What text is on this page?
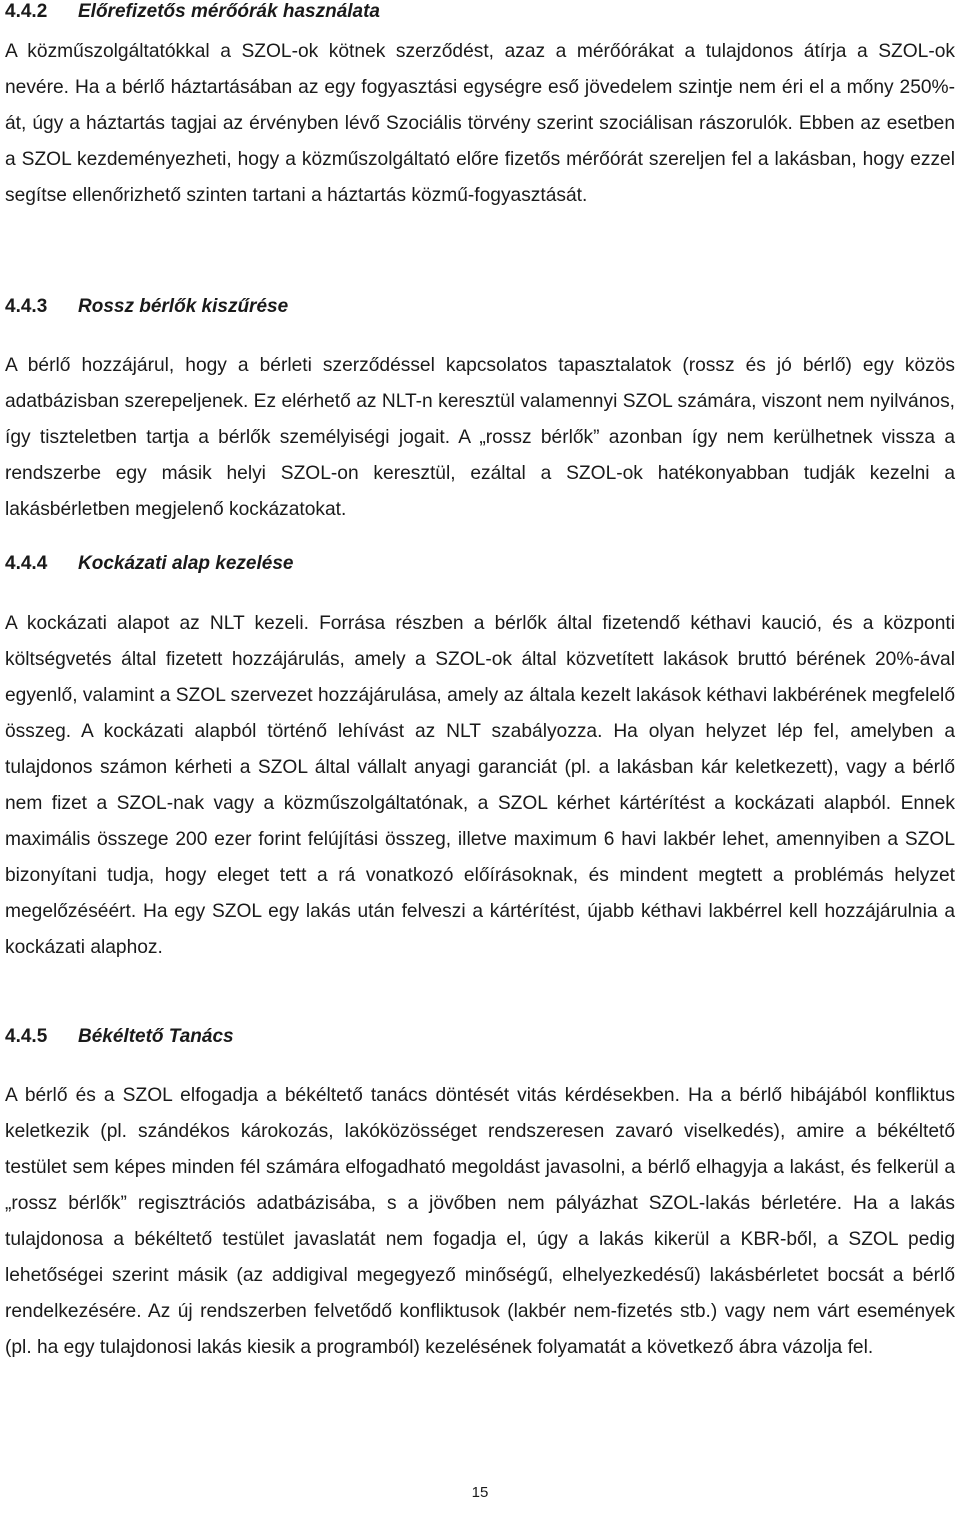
4.4.2 Előrefizetős mérőórák használata

A közműszolgáltatókkal a SZOL-ok kötnek szerződést, azaz a mérőórákat a tulajdonos átírja a SZOL-ok nevére. Ha a bérlő háztartásában az egy fogyasztási egységre eső jövedelem szintje nem éri el a mőny 250%-át, úgy a háztartás tagjai az érvényben lévő Szociális törvény szerint szociálisan rászorulók. Ebben az esetben a SZOL kezdeményezheti, hogy a közműszolgáltató előre fizetős mérőórát szereljen fel a lakásban, hogy ezzel segítse ellenőrizhető szinten tartani a háztartás közmű-fogyasztását.

4.4.3 Rossz bérlők kiszűrése

A bérlő hozzájárul, hogy a bérleti szerződéssel kapcsolatos tapasztalatok (rossz és jó bérlő) egy közös adatbázisban szerepeljenek. Ez elérhető az NLT-n keresztül valamennyi SZOL számára, viszont nem nyilvános, így tiszteletben tartja a bérlők személyiségi jogait. A „rossz bérlők” azonban így nem kerülhetnek vissza a rendszerbe egy másik helyi SZOL-on keresztül, ezáltal a SZOL-ok hatékonyabban tudják kezelni a lakásbérletben megjelenő kockázatokat.

4.4.4 Kockázati alap kezelése

A kockázati alapot az NLT kezeli. Forrása részben a bérlők által fizetendő kéthavi kaució, és a központi költségvetés által fizetett hozzájárulás, amely a SZOL-ok által közvetített lakások bruttó bérének 20%-ával egyenlő, valamint a SZOL szervezet hozzájárulása, amely az általa kezelt lakások kéthavi lakbérének megfelelő összeg. A kockázati alapból történő lehívást az NLT szabályozza. Ha olyan helyzet lép fel, amelyben a tulajdonos számon kérheti a SZOL által vállalt anyagi garanciát (pl. a lakásban kár keletkezett), vagy a bérlő nem fizet a SZOL-nak vagy a közműszolgáltatónak, a SZOL kérhet kártérítést a kockázati alapból. Ennek maximális összege 200 ezer forint felújítási összeg, illetve maximum 6 havi lakbér lehet, amennyiben a SZOL bizonyítani tudja, hogy eleget tett a rá vonatkozó előírásoknak, és mindent megtett a problémás helyzet megelőzéséért. Ha egy SZOL egy lakás után felveszi a kártérítést, újabb kéthavi lakbérrel kell hozzájárulnia a kockázati alaphoz.

4.4.5 Békéltető Tanács

A bérlő és a SZOL elfogadja a békéltető tanács döntését vitás kérdésekben. Ha a bérlő hibájából konfliktus keletkezik (pl. szándékos károkozás, lakóközösséget rendszeresen zavaró viselkedés), amire a békéltető testület sem képes minden fél számára elfogadható megoldást javasolni, a bérlő elhagyja a lakást, és felkerül a „rossz bérlők” regisztrációs adatbázisába, s a jövőben nem pályázhat SZOL-lakás bérletére. Ha a lakás tulajdonosa a békéltető testület javaslatát nem fogadja el, úgy a lakás kikerül a KBR-ből, a SZOL pedig lehetőségei szerint másik (az addigival megegyező minőségű, elhelyezkedésű) lakásbérletet bocsát a bérlő rendelkezésére. Az új rendszerben felvetődő konfliktusok (lakbér nem-fizetés stb.) vagy nem várt események (pl. ha egy tulajdonosi lakás kiesik a programból) kezelésének folyamatát a következő ábra vázolja fel.

15
